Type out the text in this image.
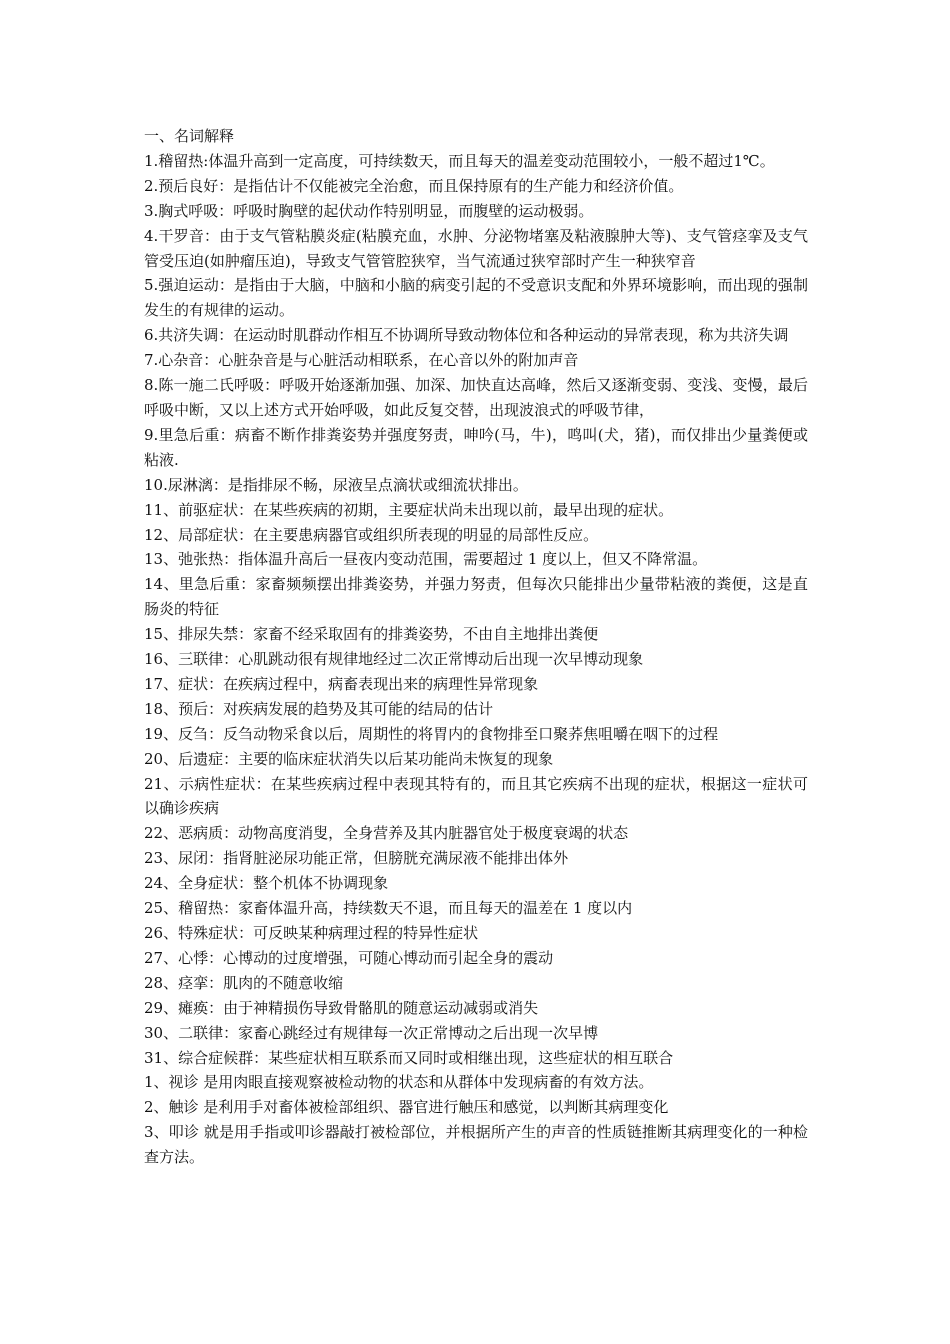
一、名词解释

1.稽留热:体温升高到一定高度，可持续数天，而且每天的温差变动范围较小，一般不超过1℃。

2.预后良好：是指估计不仅能被完全治愈，而且保持原有的生产能力和经济价值。

3.胸式呼吸：呼吸时胸壁的起伏动作特别明显，而腹壁的运动极弱。

4.干罗音：由于支气管粘膜炎症(粘膜充血，水肿、分泌物堵塞及粘液腺肿大等)、支气管痉挛及支气管受压迫(如肿瘤压迫)，导致支气管管腔狭窄，当气流通过狭窄部时产生一种狭窄音

5.强迫运动：是指由于大脑，中脑和小脑的病变引起的不受意识支配和外界环境影响，而出现的强制发生的有规律的运动。

6.共济失调：在运动时肌群动作相互不协调所导致动物体位和各种运动的异常表现，称为共济失调

7.心杂音：心脏杂音是与心脏活动相联系，在心音以外的附加声音

8.陈一施二氏呼吸：呼吸开始逐渐加强、加深、加快直达高峰，然后又逐渐变弱、变浅、变慢，最后呼吸中断，又以上述方式开始呼吸，如此反复交替，出现波浪式的呼吸节律，

9.里急后重：病畜不断作排粪姿势并强度努责，呻吟(马，牛)，鸣叫(犬，猪)，而仅排出少量粪便或粘液.

10.尿淋漓：是指排尿不畅，尿液呈点滴状或细流状排出。

11、前驱症状：在某些疾病的初期，主要症状尚未出现以前，最早出现的症状。

12、局部症状：在主要患病器官或组织所表现的明显的局部性反应。

13、弛张热：指体温升高后一昼夜内变动范围，需要超过 1 度以上，但又不降常温。

14、里急后重：家畜频频摆出排粪姿势，并强力努责，但每次只能排出少量带粘液的粪便，这是直肠炎的特征

15、排尿失禁：家畜不经采取固有的排粪姿势，不由自主地排出粪便

16、三联律：心肌跳动很有规律地经过二次正常博动后出现一次早博动现象

17、症状：在疾病过程中，病畜表现出来的病理性异常现象

18、预后：对疾病发展的趋势及其可能的结局的估计

19、反刍：反刍动物采食以后，周期性的将胃内的食物排至口聚荞焦咀嚼在咽下的过程

20、后遗症：主要的临床症状消失以后某功能尚未恢复的现象

21、示病性症状：在某些疾病过程中表现其特有的，而且其它疾病不出现的症状，根据这一症状可以确诊疾病

22、恶病质：动物高度消叟，全身营养及其内脏器官处于极度衰竭的状态

23、尿闭：指肾脏泌尿功能正常，但膀胱充满尿液不能排出体外

24、全身症状：整个机体不协调现象

25、稽留热：家畜体温升高，持续数天不退，而且每天的温差在 1 度以内

26、特殊症状：可反映某种病理过程的特异性症状

27、心悸：心博动的过度增强，可随心博动而引起全身的震动

28、痉挛：肌肉的不随意收缩

29、瘫痪：由于神精损伤导致骨骼肌的随意运动减弱或消失

30、二联律：家畜心跳经过有规律每一次正常博动之后出现一次早博

31、综合症候群：某些症状相互联系而又同时或相继出现，这些症状的相互联合

1、视诊 是用肉眼直接观察被检动物的状态和从群体中发现病畜的有效方法。

2、触诊 是利用手对畜体被检部组织、器官进行触压和感觉，以判断其病理变化

3、叩诊 就是用手指或叩诊器敲打被检部位，并根据所产生的声音的性质链推断其病理变化的一种检查方法。
